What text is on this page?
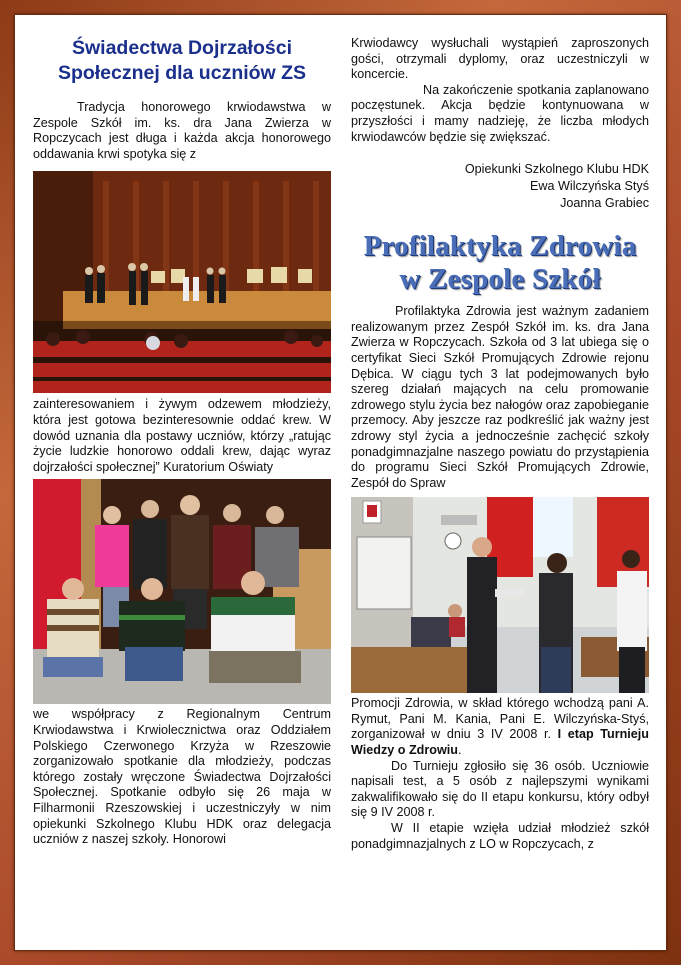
Świadectwa Dojrzałości Społecznej dla uczniów ZS

Tradycja honorowego krwiodawstwa w Zespole Szkół im. ks. dra Jana Zwierza w Ropczycach jest długa i każda akcja honorowego oddawania krwi spotyka się z

zainteresowaniem i żywym odzewem młodzieży, która jest gotowa bezinteresownie oddać krew. W dowód uznania dla postawy uczniów, którzy „ratując życie ludzkie honorowo oddali krew, dając wyraz dojrzałości społecznej” Kuratorium Oświaty

we współpracy z Regionalnym Centrum Krwiodawstwa i Krwiolecznictwa oraz Oddziałem Polskiego Czerwonego Krzyża w Rzeszowie zorganizowało spotkanie dla młodzieży, podczas którego zostały wręczone Świadectwa Dojrzałości Społecznej. Spotkanie odbyło się 26 maja w Filharmonii Rzeszowskiej i uczestniczyły w nim opiekunki Szkolnego Klubu HDK oraz delegacja uczniów z naszej szkoły. Honorowi

Krwiodawcy wysłuchali wystąpień zaproszonych gości, otrzymali dyplomy, oraz uczestniczyli w koncercie.

Na zakończenie spotkania zaplanowano poczęstunek. Akcja będzie kontynuowana w przyszłości i mamy nadzieję, że liczba młodych krwiodawców będzie się zwiększać.

Opiekunki Szkolnego Klubu HDK

Ewa Wilczyńska Styś

Joanna Grabiec

Profilaktyka Zdrowia
w Zespole Szkół

Profilaktyka Zdrowia jest ważnym zadaniem realizowanym przez Zespół Szkół im. ks. dra Jana Zwierza w Ropczycach. Szkoła od 3 lat ubiega się o certyfikat Sieci Szkół Promujących Zdrowie rejonu Dębica. W ciągu tych 3 lat podejmowanych było szereg działań mających na celu promowanie zdrowego stylu życia bez nałogów oraz zapobieganie przemocy. Aby jeszcze raz podkreślić jak ważny jest zdrowy styl życia a jednocześnie zachęcić szkoły ponadgimnazjalne naszego powiatu do przystąpienia do programu Sieci Szkół Promujących Zdrowie, Zespół do Spraw

Promocji Zdrowia, w skład którego wchodzą pani A. Rymut, Pani M. Kania, Pani E. Wilczyńska-Styś, zorganizował w dniu 3 IV 2008 r. I etap Turnieju Wiedzy o Zdrowiu.

Do Turnieju zgłosiło się 36 osób. Uczniowie napisali test, a 5 osób z najlepszymi wynikami zakwalifikowało się do II etapu konkursu, który odbył się 9 IV 2008 r.

W II etapie wzięła udział młodzież szkół ponadgimnazjalnych z LO w Ropczycach, z
